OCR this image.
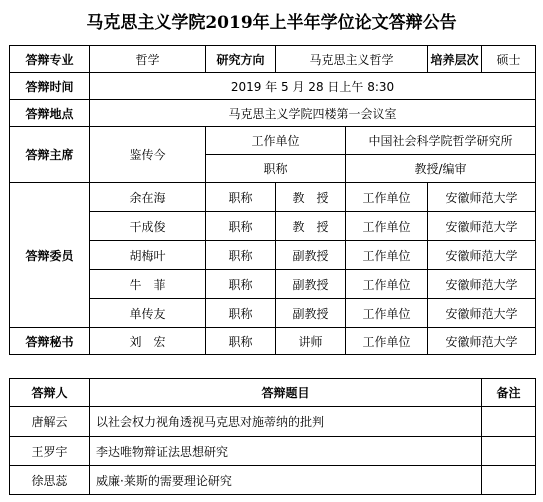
马克思主义学院2019年上半年学位论文答辩公告
答辩专业	哲学	研究方向	马克思主义哲学		培养层次	硕士
答辩时间	2019 年 5 月 28 日上午 8:30					
答辩地点	马克思主义学院四楼第一会议室					
答辩主席	鉴传今	工作单位		中国社会科学院哲学研究所		
		职称		教授/编审		
答辩委员	余在海	职称	教　授	工作单位	安徽师范大学	
	干成俊	职称	教　授	工作单位	安徽师范大学	
	胡梅叶	职称	副教授	工作单位	安徽师范大学	
	牛　菲	职称	副教授	工作单位	安徽师范大学	
	单传友	职称	副教授	工作单位	安徽师范大学	
答辩秘书	刘　宏	职称	讲师	工作单位	安徽师范大学	
答辩人	答辩题目	备注
唐解云	以社会权力视角透视马克思对施蒂纳的批判	
王罗宇	李达唯物辩证法思想研究	
徐思蕊	威廉·莱斯的需要理论研究	
